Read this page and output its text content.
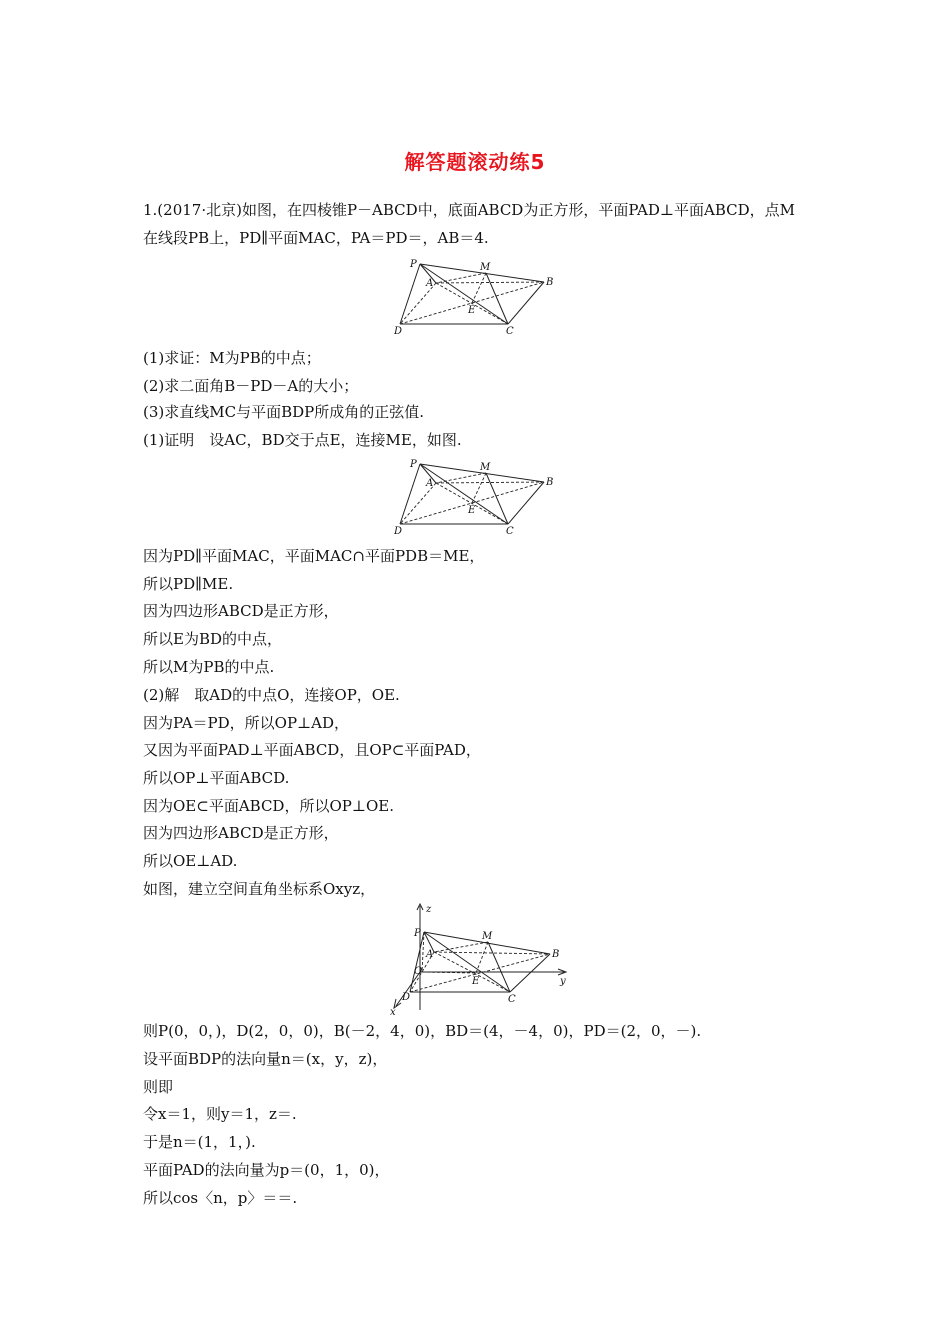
解答题滚动练5
1.(2017·北京)如图，在四棱锥P－ABCD中，底面ABCD为正方形，平面PAD⊥平面ABCD，点M
在线段PB上，PD∥平面MAC，PA＝PD＝，AB＝4.
P	M
A	B
E
D	C
(1)求证：M为PB的中点；
(2)求二面角B－PD－A的大小；
(3)求直线MC与平面BDP所成角的正弦值.
(1)证明　设AC，BD交于点E，连接ME，如图.
P	M
A	B
E
D	C
因为PD∥平面MAC，平面MAC∩平面PDB＝ME，
所以PD∥ME.
因为四边形ABCD是正方形，
所以E为BD的中点，
所以M为PB的中点.
(2)解　取AD的中点O，连接OP，OE.
因为PA＝PD，所以OP⊥AD，
又因为平面PAD⊥平面ABCD，且OP⊂平面PAD，
所以OP⊥平面ABCD.
因为OE⊂平面ABCD，所以OP⊥OE.
因为四边形ABCD是正方形，
所以OE⊥AD.
如图，建立空间直角坐标系Oxyz，
z
y
x
P	M
A	B
O
E
D	C
则P(0，0，)，D(2，0，0)，B(－2，4，0)，BD＝(4，－4，0)，PD＝(2，0，－).
设平面BDP的法向量n＝(x，y，z)，
则即
令x＝1，则y＝1，z＝.
于是n＝(1，1，).
平面PAD的法向量为p＝(0，1，0)，
所以cos〈n，p〉＝＝.
